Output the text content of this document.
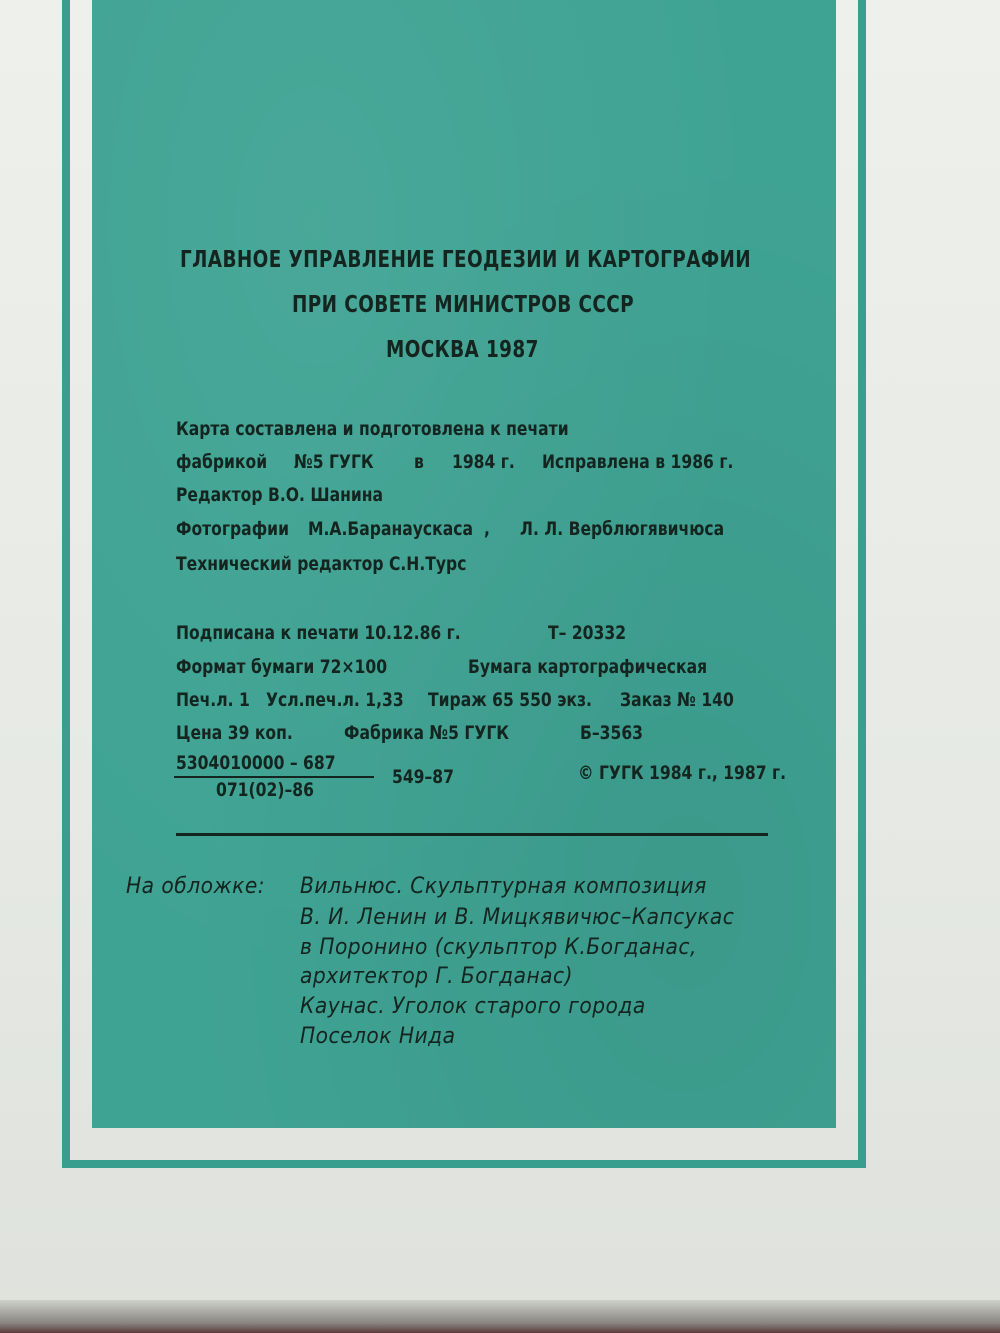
ГЛАВНОЕ УПРАВЛЕНИЕ ГЕОДЕЗИИ И КАРТОГРАФИИ
ПРИ СОВЕТЕ МИНИСТРОВ СССР
МОСКВА 1987
Карта составлена и подготовлена к печати
фабрикой №5 ГУГК в 1984 г. Исправлена в 1986 г.
Редактор В.О. Шанина
Фотографии М.А.Баранаускаса , Л. Л. Верблюгявичюса
Технический редактор С.Н.Турс
Подписана к печати 10.12.86 г.	Т– 20332
Формат бумаги 72×100	Бумага картографическая
Печ.л. 1 Усл.печ.л. 1,33 Тираж 65 550 экз. Заказ № 140
Цена 39 коп.	Фабрика №5 ГУГК	Б–3563
5304010000 – 687
071(02)–86
549–87	© ГУГК 1984 г., 1987 г.
На обложке: Вильнюс. Скульптурная композиция
В. И. Ленин и В. Мицкявичюс–Капсукас
в Поронино (скульптор К.Богданас,
архитектор Г. Богданас)
Каунас. Уголок старого города
Поселок Нида
